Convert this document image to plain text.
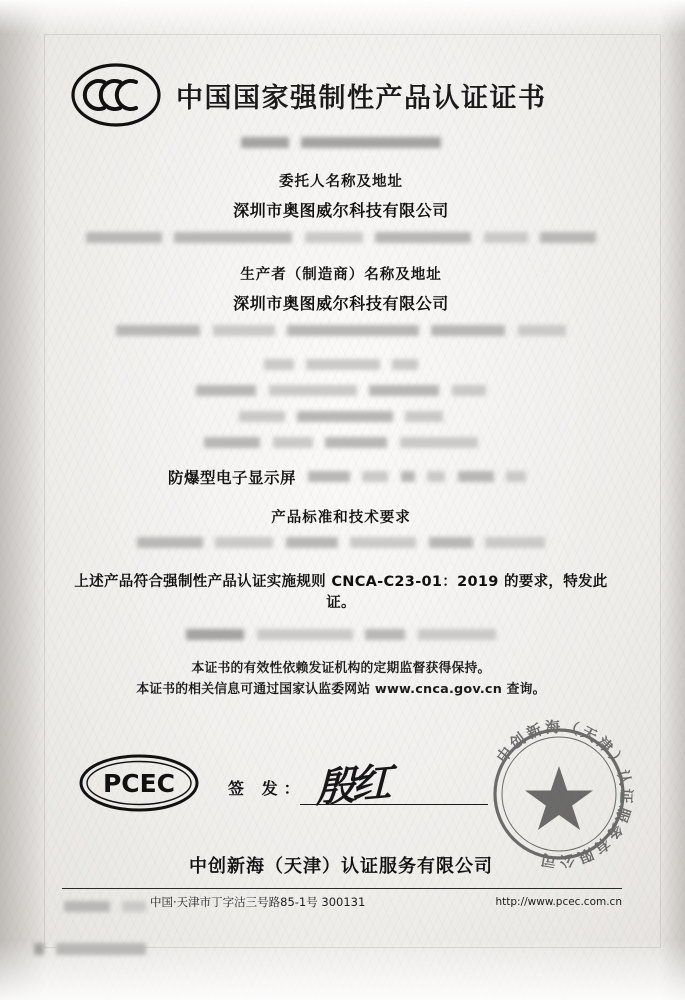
中国国家强制性产品认证证书

委托人名称及地址
深圳市奥图威尔科技有限公司

生产者（制造商）名称及地址
深圳市奥图威尔科技有限公司

防爆型电子显示屏

产品标准和技术要求

上述产品符合强制性产品认证实施规则 CNCA-C23-01：2019 的要求，特发此证。

本证书的有效性依赖发证机构的定期监督获得保持。
本证书的相关信息可通过国家认监委网站 www.cnca.gov.cn 查询。
PCEC	签 发： 殷红
中创新海（天津）认证服务有限公司
中创新海（天津）认证服务有限公司
中国·天津市丁字沽三号路85-1号 300131	http://www.pcec.com.cn
